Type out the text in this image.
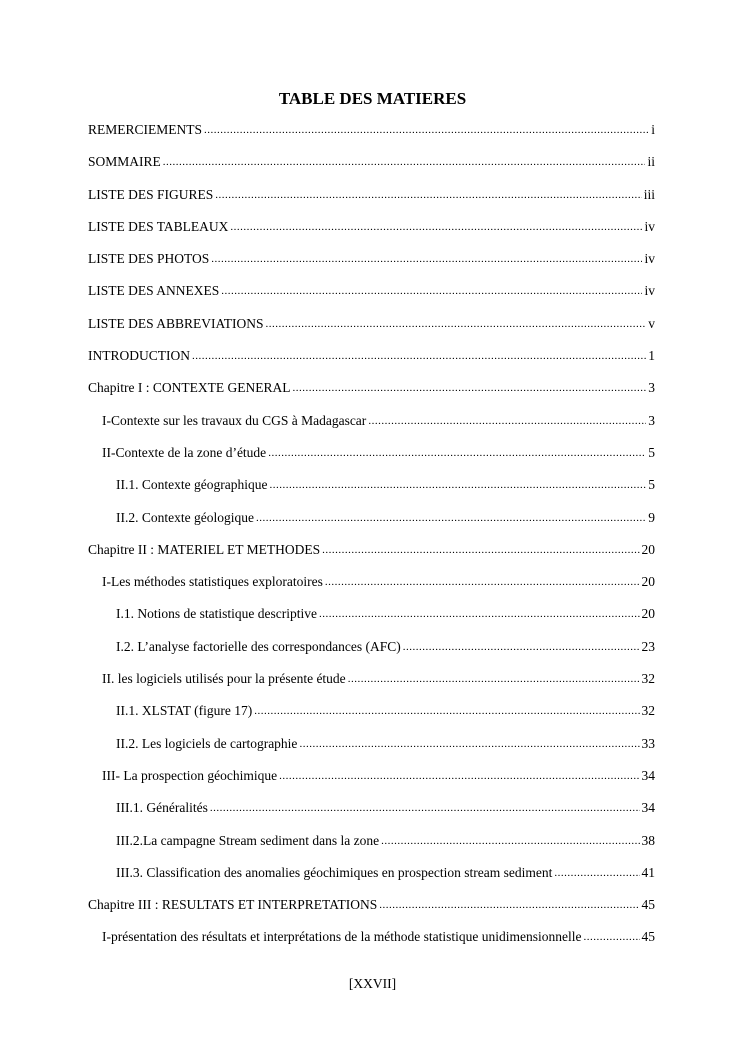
TABLE DES MATIERES
REMERCIEMENTS .....	i
SOMMAIRE .....	ii
LISTE DES FIGURES .....	iii
LISTE DES TABLEAUX .....	iv
LISTE DES PHOTOS .....	iv
LISTE DES ANNEXES .....	iv
LISTE DES ABBREVIATIONS .....	v
INTRODUCTION .....	1
Chapitre I : CONTEXTE GENERAL .....	3
I-Contexte sur les travaux du CGS à Madagascar .....	3
II-Contexte de la zone d’étude .....	5
II.1. Contexte géographique .....	5
II.2. Contexte géologique .....	9
Chapitre II : MATERIEL ET METHODES .....	20
I-Les méthodes statistiques exploratoires .....	20
I.1. Notions de statistique descriptive .....	20
I.2. L’analyse factorielle des correspondances (AFC) .....	23
II. les logiciels utilisés pour la présente étude .....	32
II.1. XLSTAT (figure 17) .....	32
II.2. Les logiciels de cartographie .....	33
III- La prospection géochimique .....	34
III.1. Généralités .....	34
III.2.La campagne Stream sediment dans la zone .....	38
III.3. Classification des anomalies géochimiques en prospection stream sediment .....	41
Chapitre III : RESULTATS ET INTERPRETATIONS .....	45
I-présentation des résultats et interprétations de la méthode statistique unidimensionnelle .....	45
[XXVII]
